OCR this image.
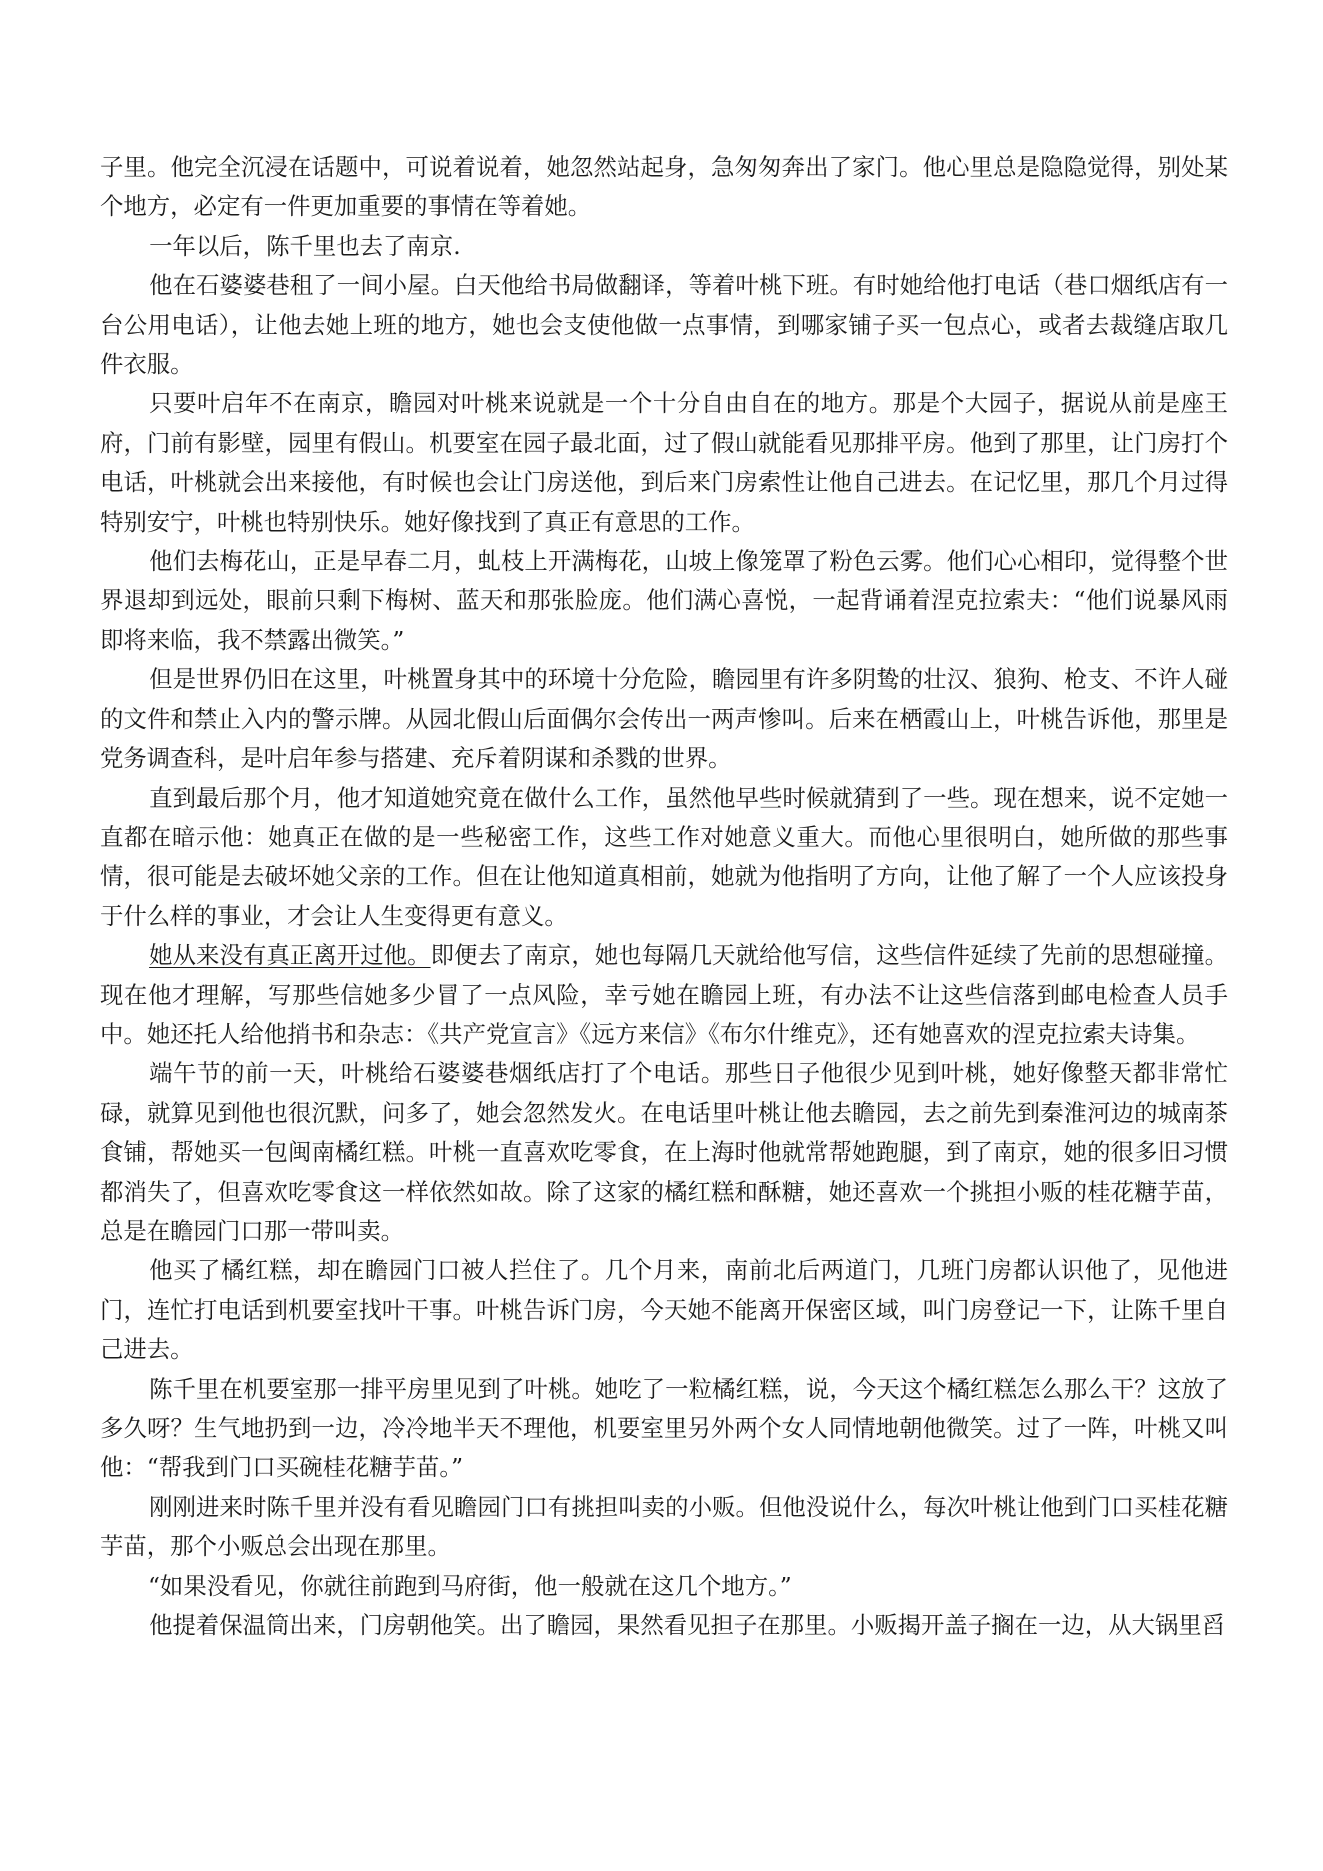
子里。他完全沉浸在话题中，可说着说着，她忽然站起身，急匆匆奔出了家门。他心里总是隐隐觉得，别处某个地方，必定有一件更加重要的事情在等着她。

一年以后，陈千里也去了南京.

他在石婆婆巷租了一间小屋。白天他给书局做翻译，等着叶桃下班。有时她给他打电话（巷口烟纸店有一台公用电话），让他去她上班的地方，她也会支使他做一点事情，到哪家铺子买一包点心，或者去裁缝店取几件衣服。

只要叶启年不在南京，瞻园对叶桃来说就是一个十分自由自在的地方。那是个大园子，据说从前是座王府，门前有影壁，园里有假山。机要室在园子最北面，过了假山就能看见那排平房。他到了那里，让门房打个电话，叶桃就会出来接他，有时候也会让门房送他，到后来门房索性让他自己进去。在记忆里，那几个月过得特别安宁，叶桃也特别快乐。她好像找到了真正有意思的工作。

他们去梅花山，正是早春二月，虬枝上开满梅花，山坡上像笼罩了粉色云雾。他们心心相印，觉得整个世界退却到远处，眼前只剩下梅树、蓝天和那张脸庞。他们满心喜悦，一起背诵着涅克拉索夫：“他们说暴风雨即将来临，我不禁露出微笑。”

但是世界仍旧在这里，叶桃置身其中的环境十分危险，瞻园里有许多阴鸷的壮汉、狼狗、枪支、不许人碰的文件和禁止入内的警示牌。从园北假山后面偶尔会传出一两声惨叫。后来在栖霞山上，叶桃告诉他，那里是党务调查科，是叶启年参与搭建、充斥着阴谋和杀戮的世界。

直到最后那个月，他才知道她究竟在做什么工作，虽然他早些时候就猜到了一些。现在想来，说不定她一直都在暗示他：她真正在做的是一些秘密工作，这些工作对她意义重大。而他心里很明白，她所做的那些事情，很可能是去破坏她父亲的工作。但在让他知道真相前，她就为他指明了方向，让他了解了一个人应该投身于什么样的事业，才会让人生变得更有意义。

她从来没有真正离开过他。即便去了南京，她也每隔几天就给他写信，这些信件延续了先前的思想碰撞。现在他才理解，写那些信她多少冒了一点风险，幸亏她在瞻园上班，有办法不让这些信落到邮电检查人员手中。她还托人给他捎书和杂志：《共产党宣言》《远方来信》《布尔什维克》，还有她喜欢的涅克拉索夫诗集。

端午节的前一天，叶桃给石婆婆巷烟纸店打了个电话。那些日子他很少见到叶桃，她好像整天都非常忙碌，就算见到他也很沉默，问多了，她会忽然发火。在电话里叶桃让他去瞻园，去之前先到秦淮河边的城南茶食铺，帮她买一包闽南橘红糕。叶桃一直喜欢吃零食，在上海时他就常帮她跑腿，到了南京，她的很多旧习惯都消失了，但喜欢吃零食这一样依然如故。除了这家的橘红糕和酥糖，她还喜欢一个挑担小贩的桂花糖芋苗，总是在瞻园门口那一带叫卖。

他买了橘红糕，却在瞻园门口被人拦住了。几个月来，南前北后两道门，几班门房都认识他了，见他进门，连忙打电话到机要室找叶干事。叶桃告诉门房，今天她不能离开保密区域，叫门房登记一下，让陈千里自己进去。

陈千里在机要室那一排平房里见到了叶桃。她吃了一粒橘红糕，说，今天这个橘红糕怎么那么干？这放了多久呀？生气地扔到一边，冷冷地半天不理他，机要室里另外两个女人同情地朝他微笑。过了一阵，叶桃又叫他：“帮我到门口买碗桂花糖芋苗。”

刚刚进来时陈千里并没有看见瞻园门口有挑担叫卖的小贩。但他没说什么，每次叶桃让他到门口买桂花糖芋苗，那个小贩总会出现在那里。

“如果没看见，你就往前跑到马府街，他一般就在这几个地方。”

他提着保温筒出来，门房朝他笑。出了瞻园，果然看见担子在那里。小贩揭开盖子搁在一边，从大锅里舀
